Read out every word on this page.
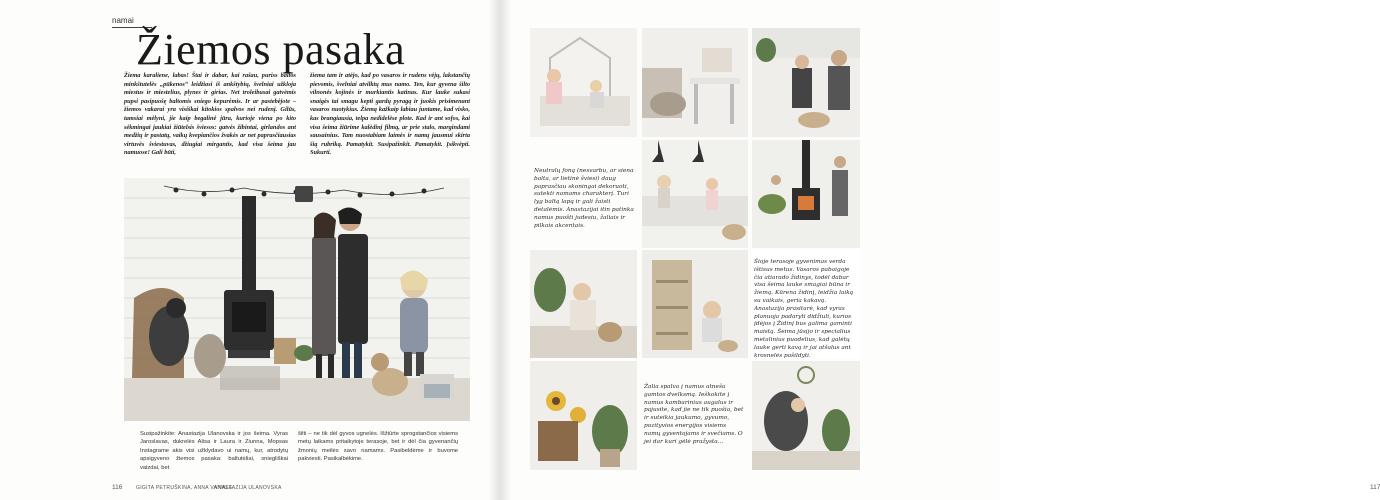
namai
Žiemos pasaka
Žiema karaliene, labas! Štai ir dabar, kai rašau, puriss baltos minkštutelės „pūkenos“ leidžiasi iš ankštybių, švelniai užkloja miestus ir miestelius, plynes ir girias. Net troleibusai gatvėmis pupsi pasipuošę baltomis sniego kepurėmis. Ir ar pastebėjote – žiemos vakarai yra visiškai kitokios spalvos nei rudenį. Gilūs, tamsiai mėlyni, jie kaip begalinė jūra, kurioje viena po kito sėkmingai jaukiai žiūtelsis šviesos: gatvės žibintai, girlandos ant medžių ir pastatų, vaikų kvepiančios žvakės ar net paprasčiausias virtuvės šviestuvas, džiugiai mirgantis, kad visa šeima jau namuose! Gali būti,
žiema tam ir atėjo, kad po vasaros ir rudens vėjų, lakstančių pievomis, švelniai atvilktų mus namo. Ten, kur gyvena šilto vilnonės kojinės ir murkiantis katinas. Kur lauke sukasi snaigės tai smagu kepti gardų pyragą ir juokis prisimenant vasaros nuotykius. Žiemą kažkaip labiau juntame, kad visko, kas brangiausia, telpa nedidelėse plote. Kad ir ant sofos, kai visa šeima žiūrime kalėdinį filmą, ar prie stalo, margindami sausainius. Tam nuostabiam laimės ir namų jausmui skirta šią rubriką. Pamatykit. Susipažinkit. Pamatykit. Įsikvėpti. Sukurti.
Susipažinkite: Anastazija Ulanovska ir jos šeima. Vyras Jaroslavas, dukrelės Alisa ir Laura ir Ziunna, Mopsas Instagrame akis visi užklydavo ui namų, kur, atrodytų apsigyveno žiemos pasaka: baltutėliai, sniegliškai vaizdai, bet
šilti – ne tik dėl gyvos ugnelės. Išžiūrte sprogstančios visiems metų laikams pritaikytoje terasoje, bet ir dėl čia gyvenančių žmonių meilės savo namams. Pasibeldėme ir buvome pakviesti. Pasikalbėkime.
116	GIGITA PETRUŠKINA, ANNA VAIVALE
ANASTAZIJA ULANOVSKA	117
Neutralų foną (nesvarbu, ar siena balta, ar lietinė šviesi) daug paprasčiau skoningai dekoruoti, sutekti namams charakterį. Turi lyg baltą lapą ir gali žaisti detalėmis. Anastazijai itin patinka namus puošti judesiu, žaliais ir pilkais akcentais.
Šioje terasoje gyvenimas verda ištisus metus. Vasaros pabaigoje čia atiarado židinys, todėl dabar visa šeima lauke smagiai būna ir žiemą. Kūrena židinį, leidžia laiką su vaikais, geria kakavą. Anastazija prasitarė, kad vyras planuoja padaryti didžiuli, kurios įdėjos į Židinį bus galima gaminti maistą. Šeima jūsijo ir specialius metalinius puodelius, kad galėtų lauke gerti kavą ir jai atšalus ant krosnelės pašildyti.
Žalia spalva į namus atneša gamtos dvelksmą. Ieškokite į namus kambarinius augalus ir pajusite, kad jie ne tik puošia, bet ir suteikia jaukumo, gyvumo, pozityvios energijos visiems namų gyventojams ir svečiams. O jei dar kuri gėlė pražysta…
